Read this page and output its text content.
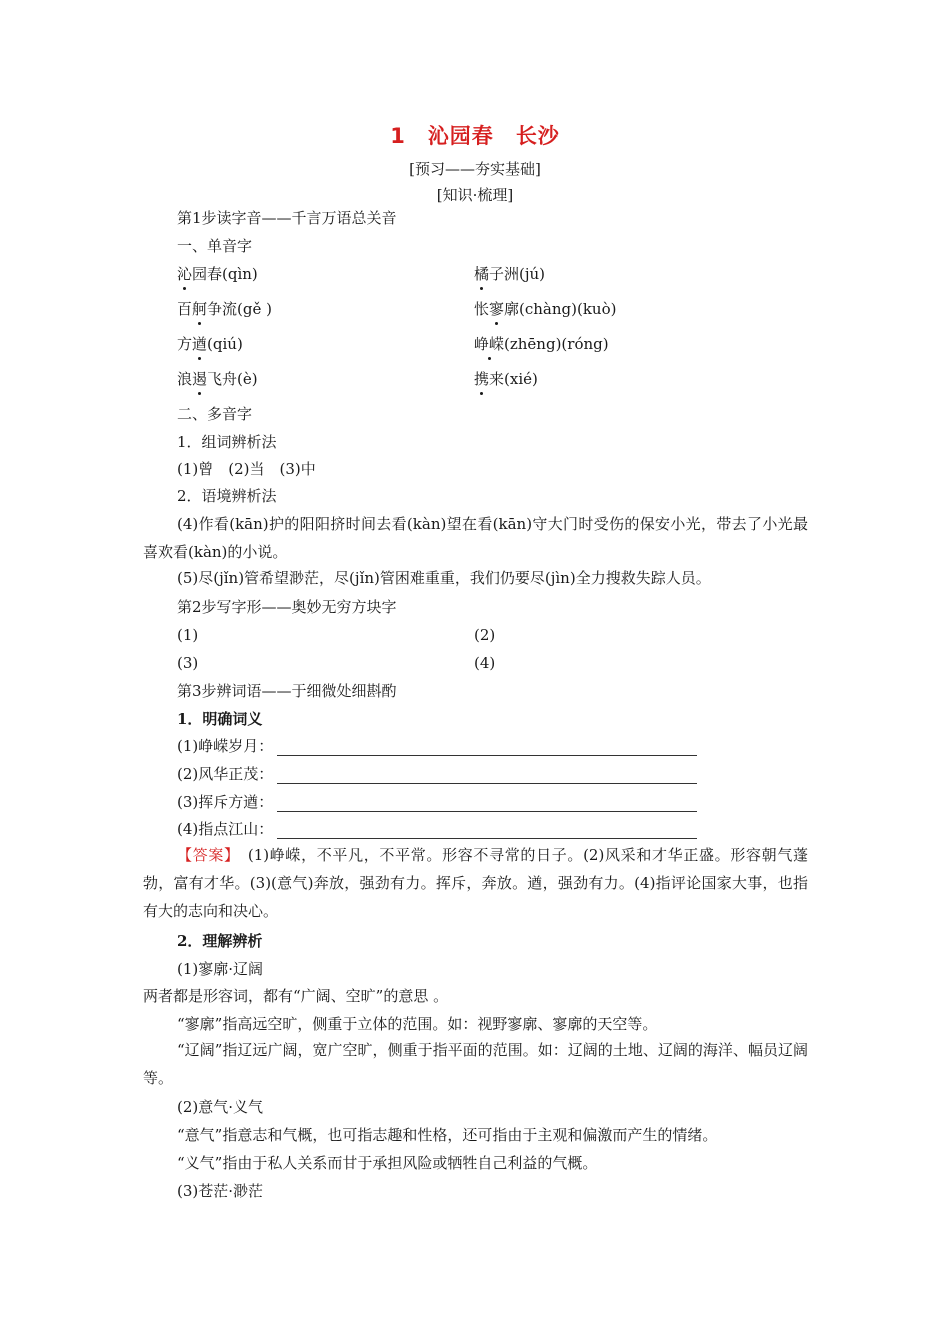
1 沁园春 长沙
[预习——夯实基础]
[知识·梳理]
第1步读字音——千言万语总关音
一、单音字
沁园春(qìn)	橘子洲(jú)
百舸争流(gě )	怅寥廓(chàng)(kuò)
方遒(qiú)	峥嵘(zhēng)(róng)
浪遏飞舟(è)	携来(xié)
二、多音字
1．组词辨析法
(1)曾　(2)当　(3)中
2．语境辨析法
(4)作看(kān)护的阳阳挤时间去看(kàn)望在看(kān)守大门时受伤的保安小光，带去了小光最喜欢看(kàn)的小说。
(5)尽(jǐn)管希望渺茫，尽(jǐn)管困难重重，我们仍要尽(jìn)全力搜救失踪人员。
第2步写字形——奥妙无穷方块字
(1)	(2)
(3)	(4)
第3步辨词语——于细微处细斟酌
1．明确词义
(1)峥嵘岁月：
(2)风华正茂：
(3)挥斥方遒：
(4)指点江山：
【答案】　 (1)峥嵘，不平凡，不平常。形容不寻常的日子。(2)风采和才华正盛。形容朝气蓬勃，富有才华。(3)(意气)奔放，强劲有力。挥斥，奔放。遒，强劲有力。(4)指评论国家大事，也指有大的志向和决心。
2．理解辨析
(1)寥廓·辽阔
两者都是形容词，都有“广阔、空旷”的意思 。
“寥廓”指高远空旷，侧重于立体的范围。如：视野寥廓、寥廓的天空等。
“辽阔”指辽远广阔，宽广空旷，侧重于指平面的范围。如：辽阔的土地、辽阔的海洋、幅员辽阔等。
(2)意气·义气
“意气”指意志和气概，也可指志趣和性格，还可指由于主观和偏激而产生的情绪。
“义气”指由于私人关系而甘于承担风险或牺牲自己利益的气概。
(3)苍茫·渺茫
